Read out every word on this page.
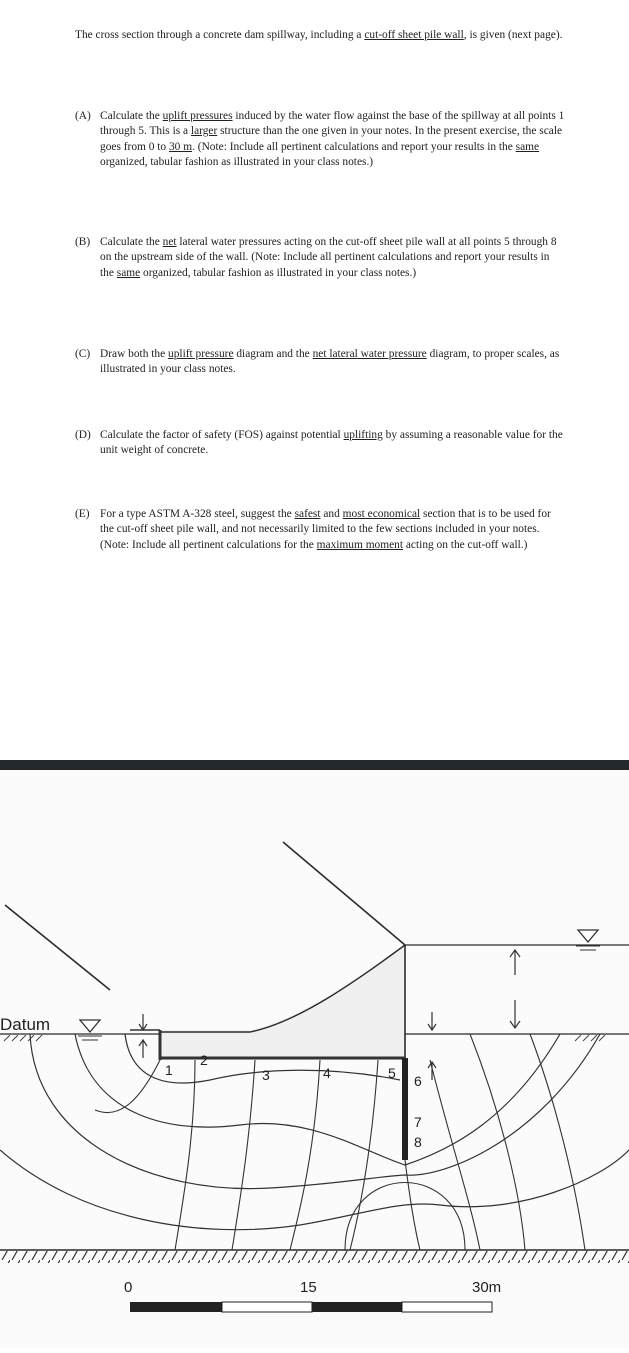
The cross section through a concrete dam spillway, including a cut-off sheet pile wall, is given (next page).

(A) Calculate the uplift pressures induced by the water flow against the base of the spillway at all points 1 through 5. This is a larger structure than the one given in your notes. In the present exercise, the scale goes from 0 to 30 m. (Note: Include all pertinent calculations and report your results in the same organized, tabular fashion as illustrated in your class notes.)
(B) Calculate the net lateral water pressures acting on the cut-off sheet pile wall at all points 5 through 8 on the upstream side of the wall. (Note: Include all pertinent calculations and report your results in the same organized, tabular fashion as illustrated in your class notes.)
(C) Draw both the uplift pressure diagram and the net lateral water pressure diagram, to proper scales, as illustrated in your class notes.
(D) Calculate the factor of safety (FOS) against potential uplifting by assuming a reasonable value for the unit weight of concrete.
(E) For a type ASTM A-328 steel, suggest the safest and most economical section that is to be used for the cut-off sheet pile wall, and not necessarily limited to the few sections included in your notes. (Note: Include all pertinent calculations for the maximum moment acting on the cut-off wall.)
Datum
1
2
3	4	5 6
7
8
0	15	30m
